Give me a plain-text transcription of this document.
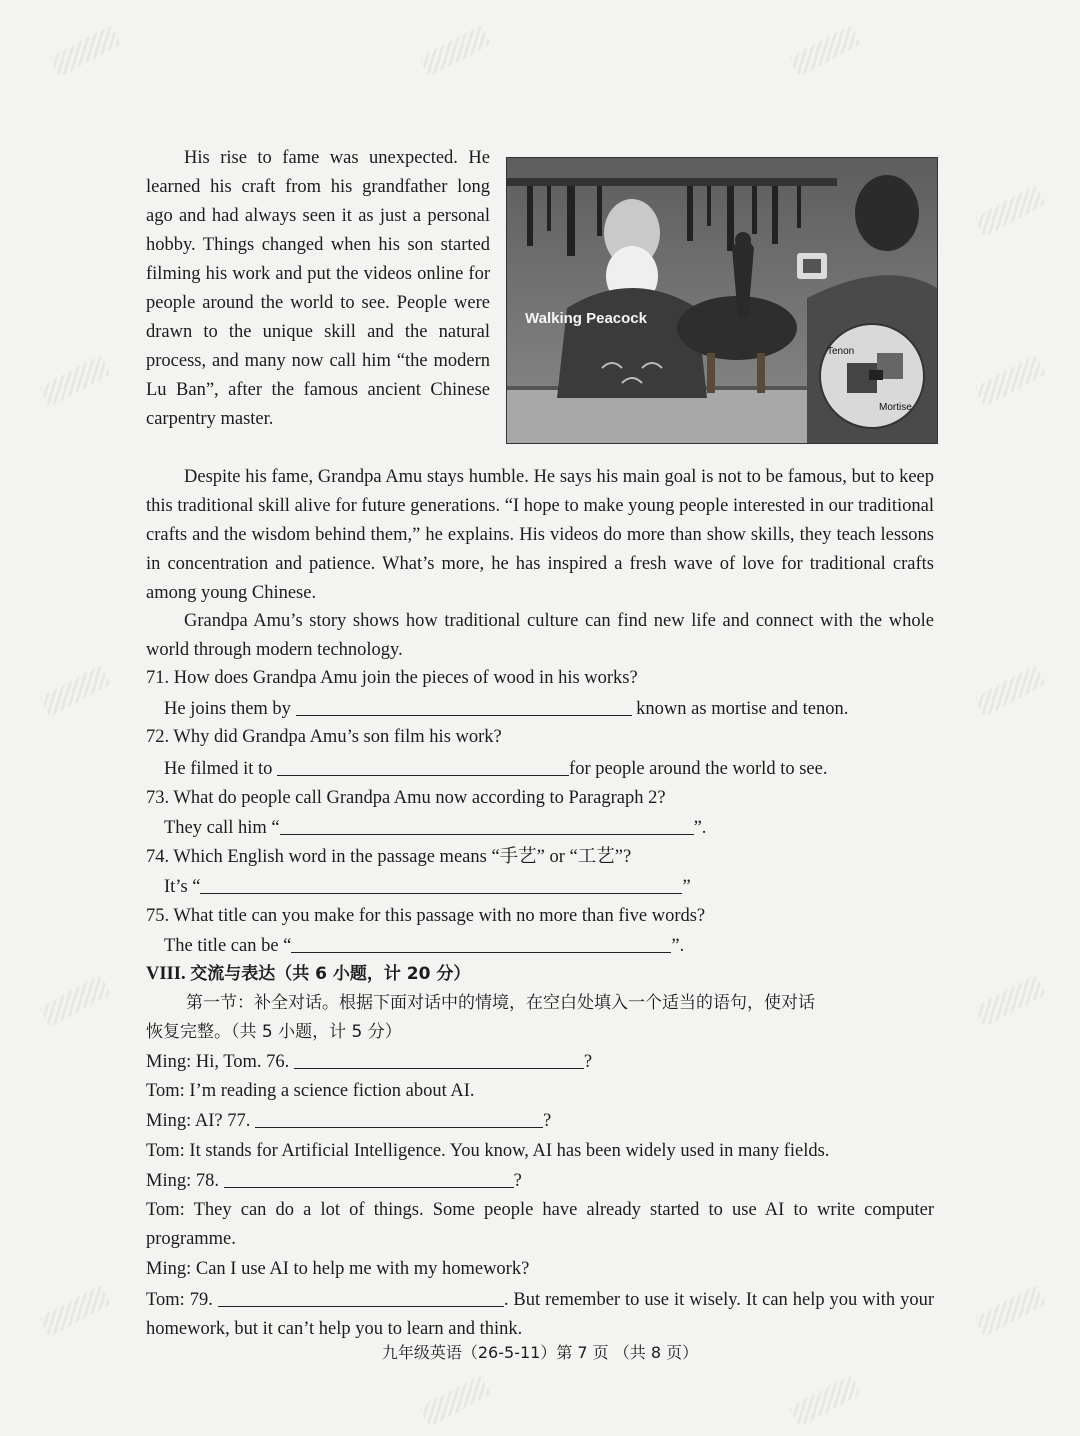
His rise to fame was unexpected. He learned his craft from his grandfather long ago and had always seen it as just a personal hobby. Things changed when his son started filming his work and put the videos online for people around the world to see. People were drawn to the unique skill and the natural process, and many now call him “the modern Lu Ban”, after the famous ancient Chinese carpentry master.

Walking Peacock
Tenon
Mortise

Despite his fame, Grandpa Amu stays humble. He says his main goal is not to be famous, but to keep this traditional skill alive for future generations. “I hope to make young people interested in our traditional crafts and the wisdom behind them,” he explains. His videos do more than show skills, they teach lessons in concentration and patience. What’s more, he has inspired a fresh wave of love for traditional crafts among young Chinese.

Grandpa Amu’s story shows how traditional culture can find new life and connect with the whole world through modern technology.

71. How does Grandpa Amu join the pieces of wood in his works?
He joins them by	known as mortise and tenon.
72. Why did Grandpa Amu’s son film his work?
He filmed it to	for people around the world to see.
73. What do people call Grandpa Amu now according to Paragraph 2?
They call him “	”.
74. Which English word in the passage means “手艺” or “工艺”?
It’s “	”
75. What title can you make for this passage with no more than five words?
The title can be “	”.
VIII. 交流与表达（共 6 小题，计 20 分）
第一节：补全对话。根据下面对话中的情境，在空白处填入一个适当的语句，使对话
恢复完整。（共 5 小题，计 5 分）
Ming: Hi, Tom. 76.	?
Tom: I’m reading a science fiction about AI.
Ming: AI? 77.	?
Tom: It stands for Artificial Intelligence. You know, AI has been widely used in many fields.
Ming: 78.	?

Tom: They can do a lot of things. Some people have already started to use AI to write computer programme.

Ming: Can I use AI to help me with my homework?

Tom: 79.	. But remember to use it wisely. It can help you with your homework, but it can’t help you to learn and think.

九年级英语（26-5-11）第 7 页 （共 8 页）
